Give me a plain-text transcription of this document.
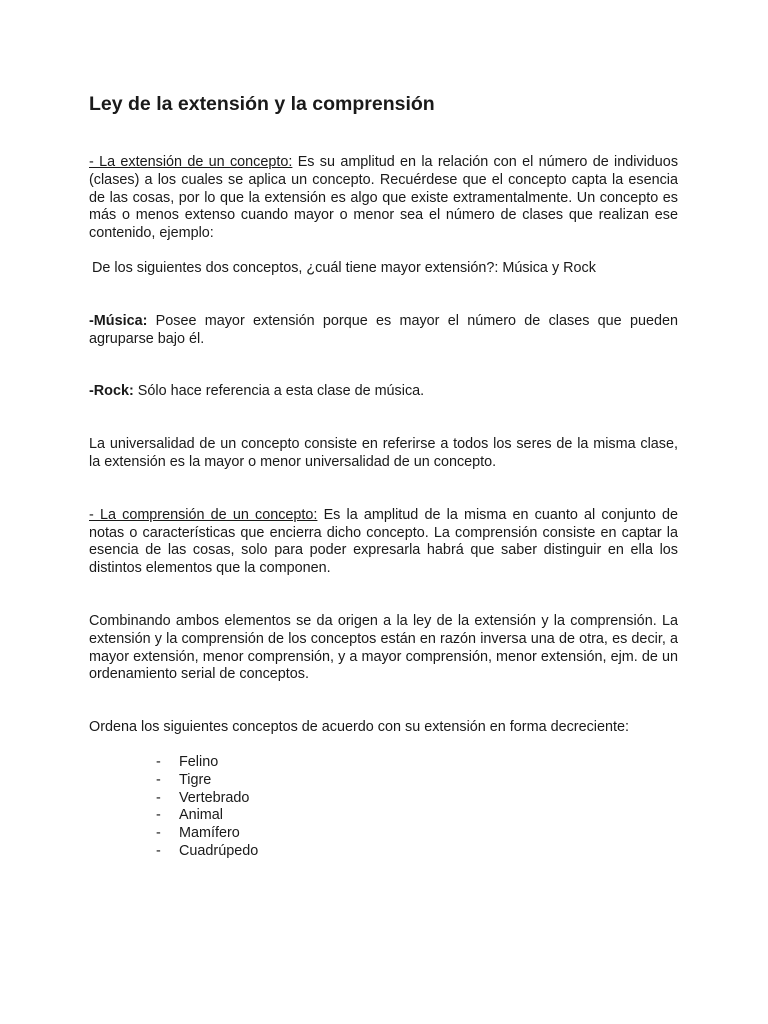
Ley de la extensión y la comprensión

- La extensión de un concepto: Es su amplitud en la relación con el número de individuos (clases) a los cuales se aplica un concepto. Recuérdese que el concepto capta la esencia de las cosas, por lo que la extensión es algo que existe extramentalmente. Un concepto es más o menos extenso cuando mayor o menor sea el número de clases que realizan ese contenido, ejemplo:

De los siguientes dos conceptos, ¿cuál tiene mayor extensión?: Música y Rock

-Música: Posee mayor extensión porque es mayor el número de clases que pueden agruparse bajo él.

-Rock: Sólo hace referencia a esta clase de música.

La universalidad de un concepto consiste en referirse a todos los seres de la misma clase, la extensión es la mayor o menor universalidad de un concepto.

- La comprensión de un concepto: Es la amplitud de la misma en cuanto al conjunto de notas o características que encierra dicho concepto. La comprensión consiste en captar la esencia de las cosas, solo para poder expresarla habrá que saber distinguir en ella los distintos elementos que la componen.

Combinando ambos elementos se da origen a la ley de la extensión y la comprensión. La extensión y la comprensión de los conceptos están en razón inversa una de otra, es decir, a mayor extensión, menor comprensión, y a mayor comprensión, menor extensión, ejm. de un ordenamiento serial de conceptos.

Ordena los siguientes conceptos de acuerdo con su extensión en forma decreciente:

- Felino
- Tigre
- Vertebrado
- Animal
- Mamífero
- Cuadrúpedo
